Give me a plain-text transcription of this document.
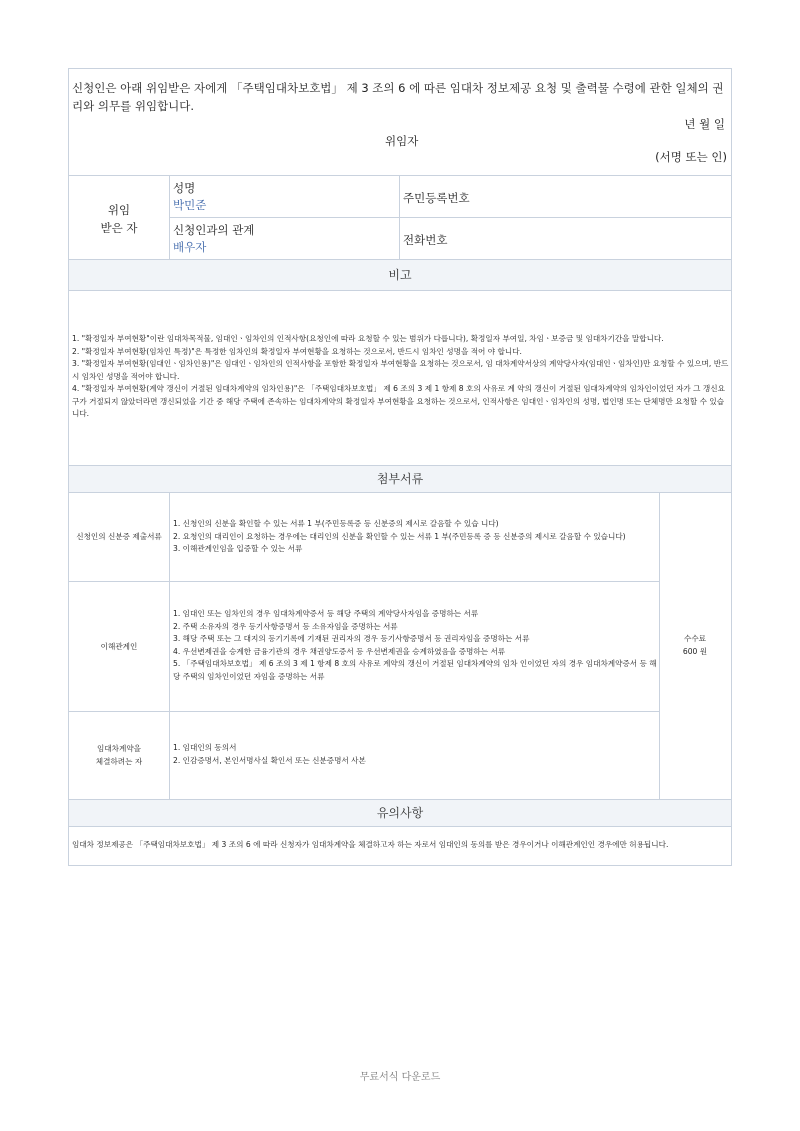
신청인은 아래 위임받은 자에게 「주택임대차보호법」 제 3 조의 6 에 따른 임대차 정보제공 요청 및 출력물 수령에 관한 일체의 권리와 의무를 위임합니다.
년 월 일
위임자
(서명 또는 인)
위임
받은 자
성명
박민준	주민등록번호
신청인과의 관계
배우자	전화번호
비고
1. "확정일자 부여현황"이란 임대차목적물, 임대인ㆍ임차인의 인적사항(요청인에 따라 요청할 수 있는 범위가 다릅니다), 확정일자 부여일, 차임ㆍ보증금 및 임대차기간을 말합니다.
2. "확정일자 부여현황(임차인 특정)"은 특정한 임차인의 확정일자 부여현황을 요청하는 것으로서, 반드시 임차인 성명을 적어 야 합니다.
3. "확정일자 부여현황(임대인ㆍ임차인용)"은 임대인ㆍ임차인의 인적사항을 포함한 확정일자 부여현황을 요청하는 것으로서, 임 대차계약서상의 계약당사자(임대인ㆍ임차인)만 요청할 수 있으며, 반드시 임차인 성명을 적어야 합니다.
4. "확정일자 부여현황(계약 갱신이 거절된 임대차계약의 임차인용)"은 「주택임대차보호법」 제 6 조의 3 제 1 항제 8 호의 사유로 계 약의 갱신이 거절된 임대차계약의 임차인이었던 자가 그 갱신요구가 거절되지 않았더라면 갱신되었을 기간 중 해당 주택에 존속하는 임대차계약의 확정일자 부여현황을 요청하는 것으로서, 인적사항은 임대인ㆍ임차인의 성명, 법인명 또는 단체명만 요청할 수 있습니다.
첨부서류
신청인의 신분증 제출서류
1. 신청인의 신분을 확인할 수 있는 서류 1 부(주민등록증 등 신분증의 제시로 갈음할 수 있습 니다)
2. 요청인의 대리인이 요청하는 경우에는 대리인의 신분을 확인할 수 있는 서류 1 부(주민등록 증 등 신분증의 제시로 갈음할 수 있습니다)
3. 이해관계인임을 입증할 수 있는 서류
이해관계인
1. 임대인 또는 임차인의 경우 임대차계약증서 등 해당 주택의 계약당사자임을 증명하는 서류
2. 주택 소유자의 경우 등기사항증명서 등 소유자임을 증명하는 서류
3. 해당 주택 또는 그 대지의 등기기록에 기재된 권리자의 경우 등기사항증명서 등 권리자임을 증명하는 서류
4. 우선변제권을 승계한 금융기관의 경우 채권양도증서 등 우선변제권을 승계하였음을 증명하는 서류
5. 「주택임대차보호법」 제 6 조의 3 제 1 항제 8 호의 사유로 계약의 갱신이 거절된 임대차계약의 임차 인이었던 자의 경우 임대차계약증서 등 해당 주택의 임차인이었던 자임을 증명하는 서류
수수료
600 원
임대차계약을
체결하려는 자
1. 임대인의 동의서
2. 인감증명서, 본인서명사실 확인서 또는 신분증명서 사본
유의사항
임대차 정보제공은 「주택임대차보호법」 제 3 조의 6 에 따라 신청자가 임대차계약을 체결하고자 하는 자로서 임대인의 동의를 받은 경우이거나 이해관계인인 경우에만 허용됩니다.
무료서식 다운로드
